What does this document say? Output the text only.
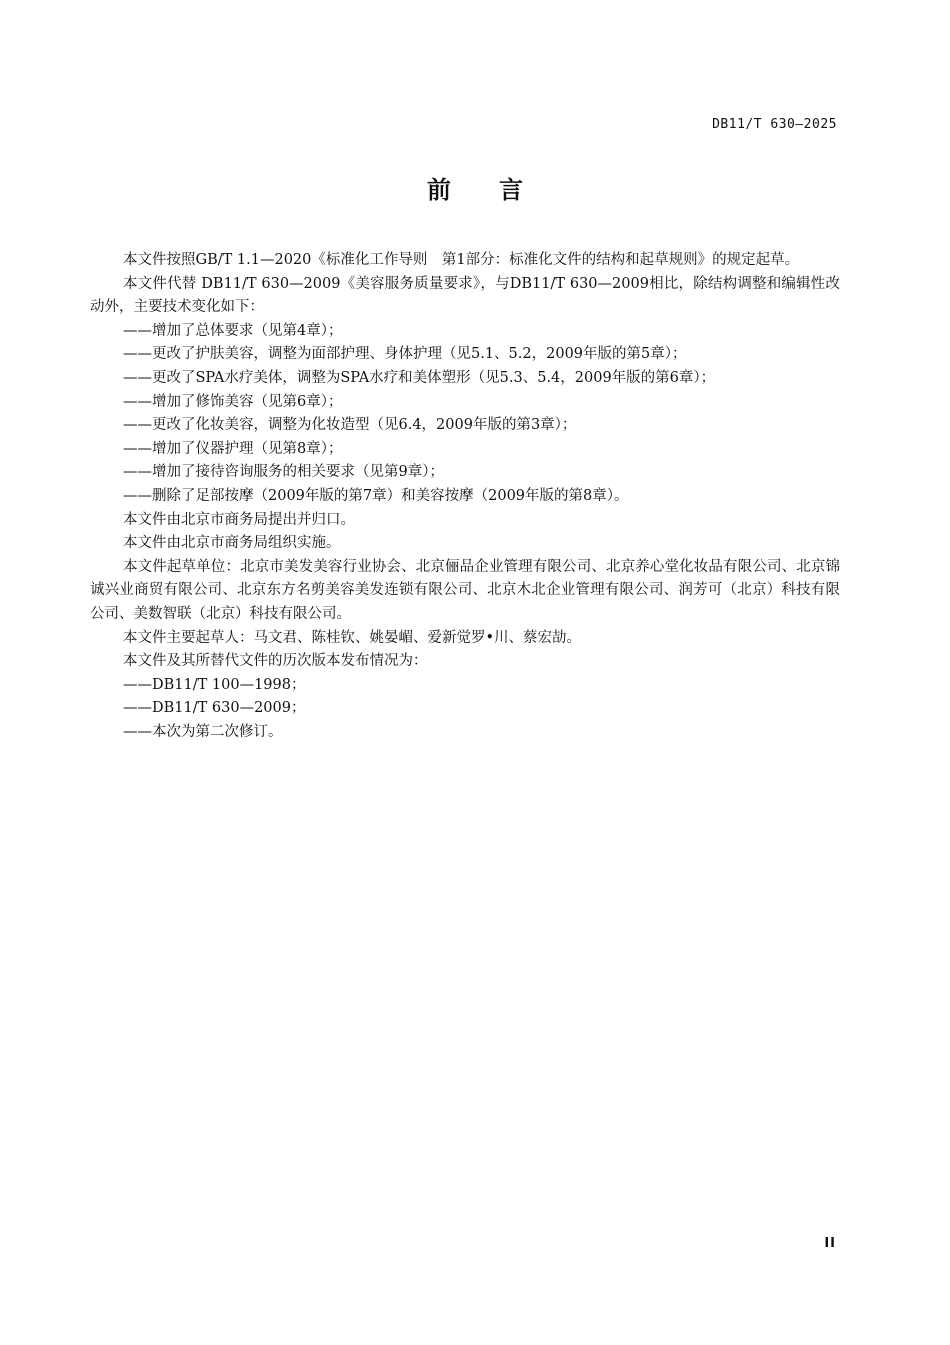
DB11/T 630—2025
前言

本文件按照GB/T 1.1—2020《标准化工作导则　第1部分：标准化文件的结构和起草规则》的规定起草。

本文件代替 DB11/T 630—2009《美容服务质量要求》，与DB11/T 630—2009相比，除结构调整和编辑性改动外，主要技术变化如下：

——增加了总体要求（见第4章）；

——更改了护肤美容，调整为面部护理、身体护理（见5.1、5.2，2009年版的第5章）；

——更改了SPA水疗美体，调整为SPA水疗和美体塑形（见5.3、5.4，2009年版的第6章）；

——增加了修饰美容（见第6章）；

——更改了化妆美容，调整为化妆造型（见6.4，2009年版的第3章）；

——增加了仪器护理（见第8章）；

——增加了接待咨询服务的相关要求（见第9章）；

——删除了足部按摩（2009年版的第7章）和美容按摩（2009年版的第8章）。

本文件由北京市商务局提出并归口。

本文件由北京市商务局组织实施。

本文件起草单位：北京市美发美容行业协会、北京俪品企业管理有限公司、北京养心堂化妆品有限公司、北京锦诚兴业商贸有限公司、北京东方名剪美容美发连锁有限公司、北京木北企业管理有限公司、润芳可（北京）科技有限公司、美数智联（北京）科技有限公司。

本文件主要起草人：马文君、陈桂钦、姚晏嵋、爱新觉罗•川、蔡宏劼。

本文件及其所替代文件的历次版本发布情况为：

——DB11/T 100—1998；

——DB11/T 630—2009；

——本次为第二次修订。

II
